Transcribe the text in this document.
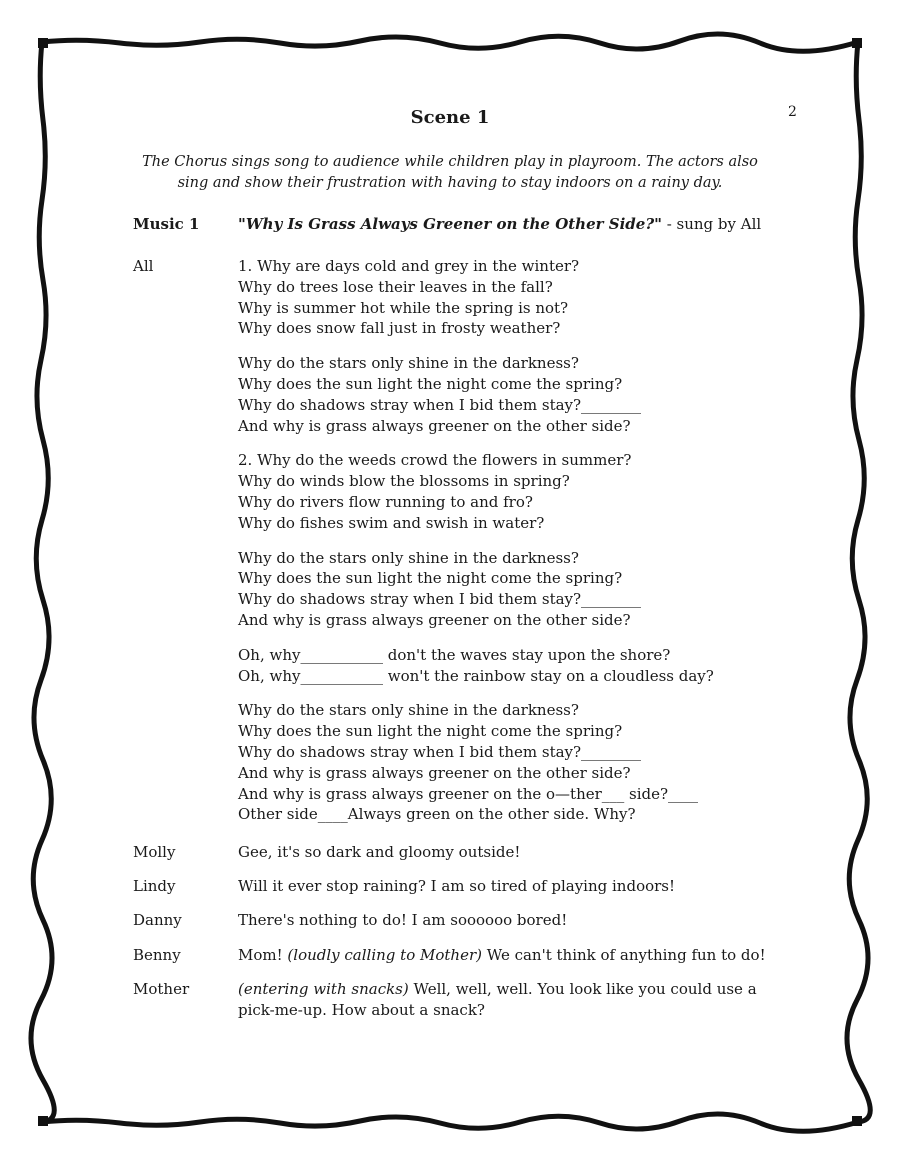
2
Scene 1
The Chorus sings song to audience while children play in playroom. The actors also
sing and show their frustration with having to stay indoors on a rainy day.
Music 1	"Why Is Grass Always Greener on the Other Side?" - sung by All
All	1. Why are days cold and grey in the winter?
Why do trees lose their leaves in the fall?
Why is summer hot while the spring is not?
Why does snow fall just in frosty weather?
Why do the stars only shine in the darkness?
Why does the sun light the night come the spring?
Why do shadows stray when I bid them stay?________
And why is grass always greener on the other side?
2. Why do the weeds crowd the flowers in summer?
Why do winds blow the blossoms in spring?
Why do rivers flow running to and fro?
Why do fishes swim and swish in water?
Why do the stars only shine in the darkness?
Why does the sun light the night come the spring?
Why do shadows stray when I bid them stay?________
And why is grass always greener on the other side?
Oh, why___________ don't the waves stay upon the shore?
Oh, why___________ won't the rainbow stay on a cloudless day?
Why do the stars only shine in the darkness?
Why does the sun light the night come the spring?
Why do shadows stray when I bid them stay?________
And why is grass always greener on the other side?
And why is grass always greener on the o—ther___ side?____
Other side____Always green on the other side. Why?
Molly	Gee, it's so dark and gloomy outside!
Lindy	Will it ever stop raining? I am so tired of playing indoors!
Danny	There's nothing to do! I am soooooo bored!
Benny	Mom! (loudly calling to Mother) We can't think of anything fun to do!
Mother	(entering with snacks) Well, well, well. You look like you could use a
pick-me-up. How about a snack?
